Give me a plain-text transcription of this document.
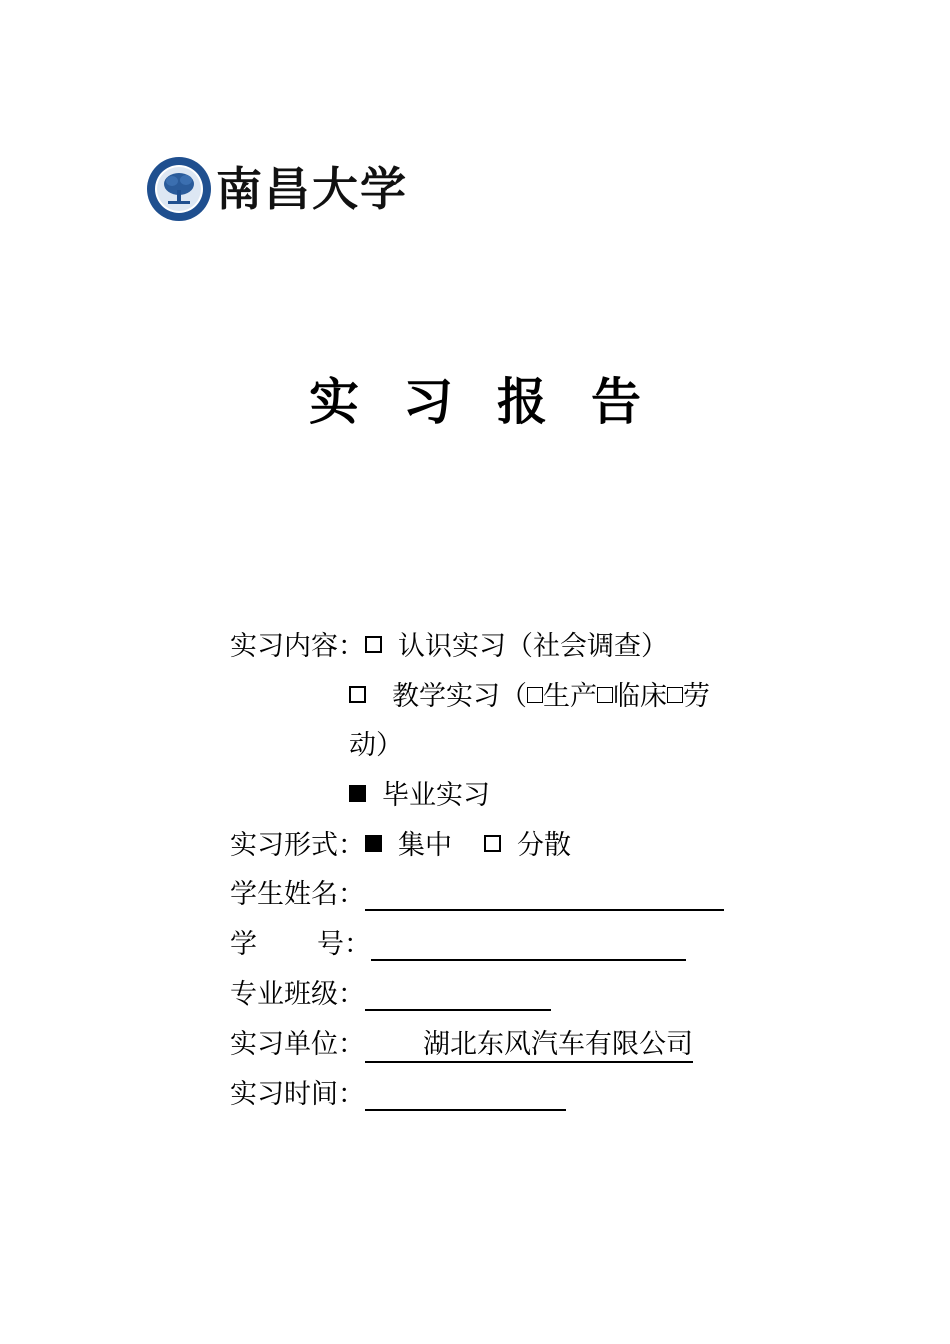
南昌大学
实 习 报 告
实习内容： 认识实习（社会调查）
教学实习（ 生产 临床 劳
动）
毕业实习
实习形式： 集中 分散
学生姓名：
学 号：
专业班级：
实习单位： 湖北东风汽车有限公司
实习时间：
